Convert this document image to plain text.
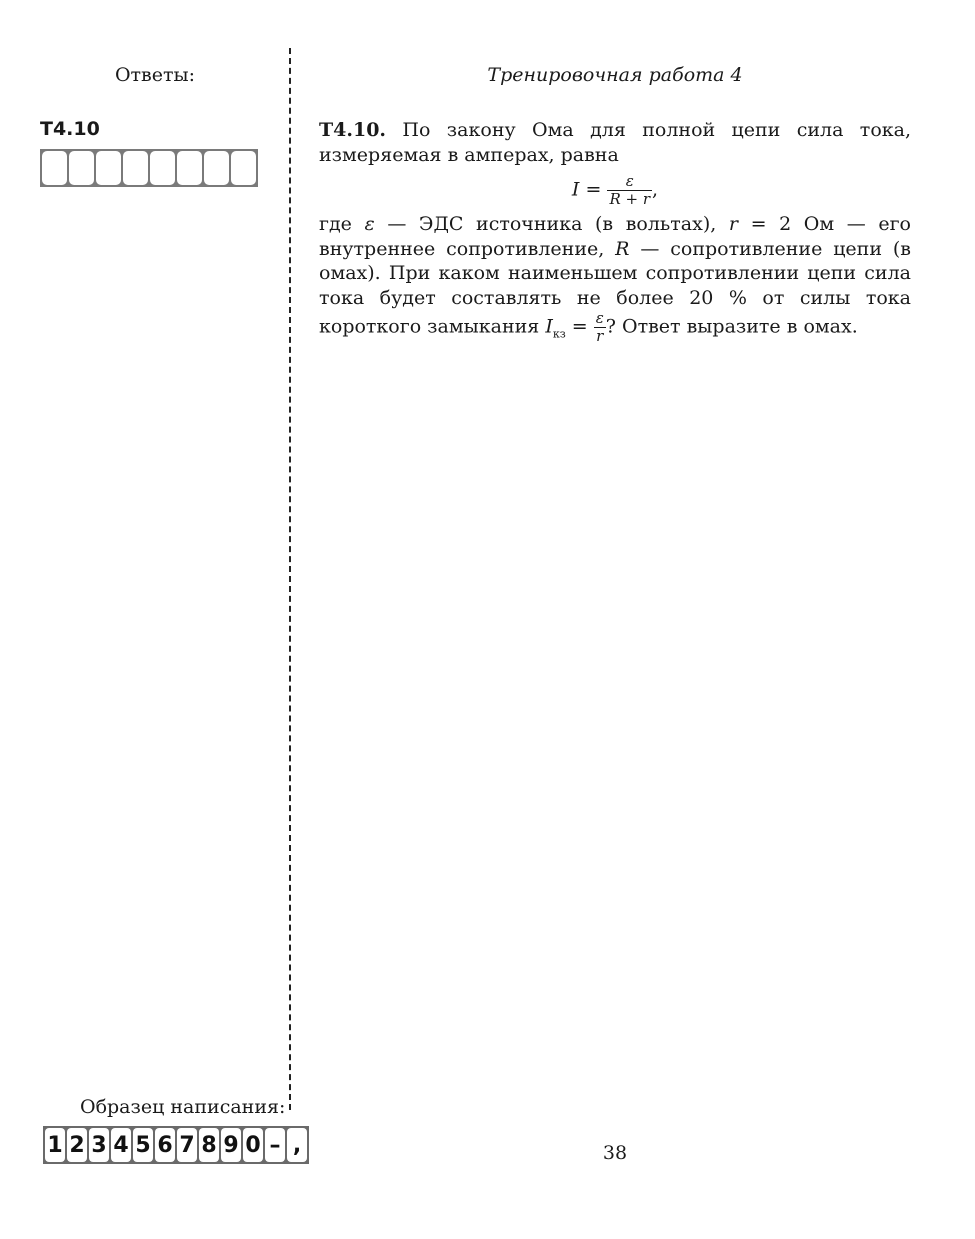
Ответы:	Тренировочная работа 4
Т4.10	Т4.10. По закону Ома для полной цепи сила тока, измеряемая в амперах, равна

$I = \frac{\varepsilon}{R + r}$ ,

где ε — ЭДС источника (в вольтах), r = 2 Ом — его внутреннее сопротивление, R — сопротивление цепи (в омах). При каком наименьшем сопротивлении цепи сила тока будет составлять не более 20 % от силы тока короткого замыкания $I_{кз} = \frac{\varepsilon}{r}$ ? Ответ выразите в омах.

Образец написания:
1 2 3 4 5 6 7 8 9 0 – ,	38
